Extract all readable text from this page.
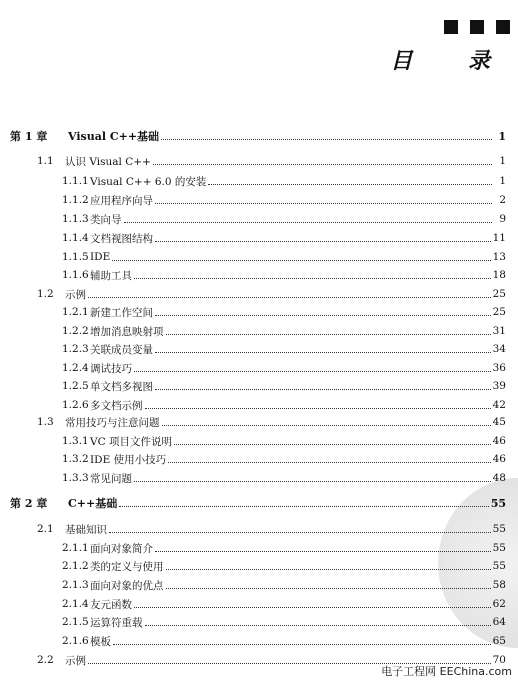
目 录
第 1 章	Visual C++基础	1
1.1	认识 Visual C++	1
1.1.1 Visual C++ 6.0 的安装	1
1.1.2 应用程序向导	2
1.1.3 类向导	9
1.1.4 文档视图结构	11
1.1.5 IDE	13
1.1.6 辅助工具	18
1.2	示例	25
1.2.1 新建工作空间	25
1.2.2 增加消息映射项	31
1.2.3 关联成员变量	34
1.2.4 调试技巧	36
1.2.5 单文档多视图	39
1.2.6 多文档示例	42
1.3	常用技巧与注意问题	45
1.3.1 VC 项目文件说明	46
1.3.2 IDE 使用小技巧	46
1.3.3 常见问题	48
第 2 章	C++基础	55
2.1	基础知识	55
2.1.1 面向对象简介	55
2.1.2 类的定义与使用	55
2.1.3 面向对象的优点	58
2.1.4 友元函数	62
2.1.5 运算符重载	64
2.1.6 模板	65
2.2	示例	70
电子工程网 EEChina.com
